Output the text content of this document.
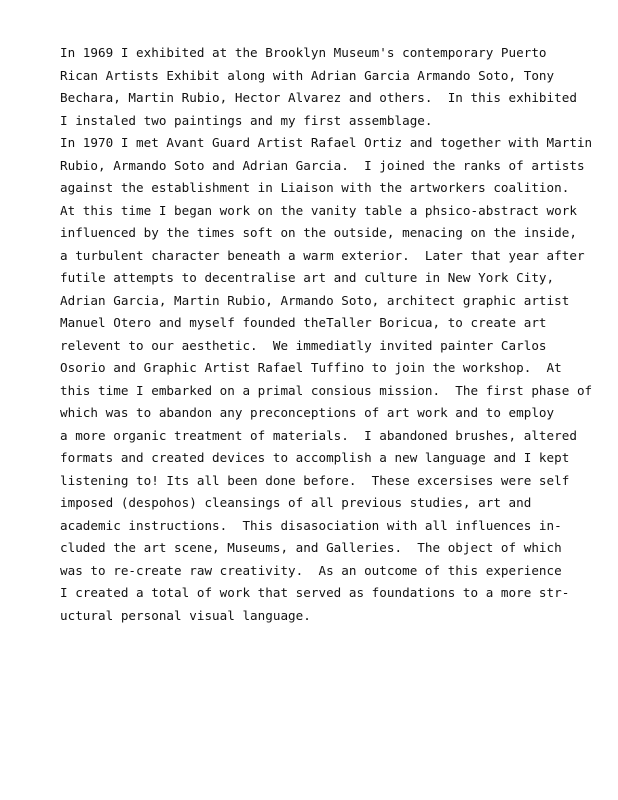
In 1969 I exhibited at the Brooklyn Museum's contemporary Puerto
Rican Artists Exhibit along with Adrian Garcia Armando Soto, Tony
Bechara, Martin Rubio, Hector Alvarez and others.  In this exhibited
I instaled two paintings and my first assemblage.
In 1970 I met Avant Guard Artist Rafael Ortiz and together with Martin
Rubio, Armando Soto and Adrian Garcia.  I joined the ranks of artists
against the establishment in Liaison with the artworkers coalition.
At this time I began work on the vanity table a phsico-abstract work
influenced by the times soft on the outside, menacing on the inside,
a turbulent character beneath a warm exterior.  Later that year after
futile attempts to decentralise art and culture in New York City,
Adrian Garcia, Martin Rubio, Armando Soto, architect graphic artist
Manuel Otero and myself founded theTaller Boricua, to create art
relevent to our aesthetic.  We immediatly invited painter Carlos
Osorio and Graphic Artist Rafael Tuffino to join the workshop.  At
this time I embarked on a primal consious mission.  The first phase of
which was to abandon any preconceptions of art work and to employ
a more organic treatment of materials.  I abandoned brushes, altered
formats and created devices to accomplish a new language and I kept
listening to! Its all been done before.  These excersises were self
imposed (despohοs) cleansings of all previous studies, art and
academic instructions.  This disasociation with all influences in-
cluded the art scene, Museums, and Galleries.  The object of which
was to re-create raw creativity.  As an outcome of this experience
I created a total of work that served as foundations to a more str-
uctural personal visual language.
